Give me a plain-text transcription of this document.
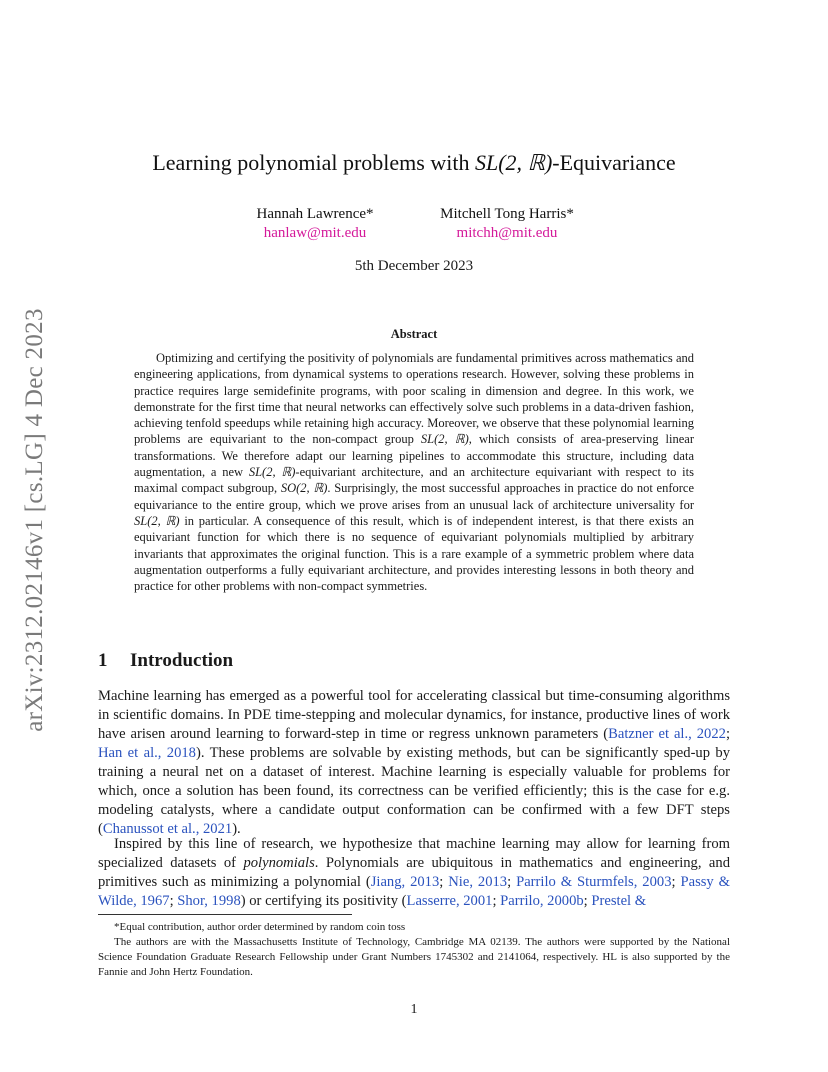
arXiv:2312.02146v1 [cs.LG] 4 Dec 2023
Learning polynomial problems with SL(2, ℝ)-Equivariance
Hannah Lawrence*
hanlaw@mit.edu
Mitchell Tong Harris*
mitchh@mit.edu
5th December 2023
Abstract
Optimizing and certifying the positivity of polynomials are fundamental primitives across mathematics and engineering applications, from dynamical systems to operations research. However, solving these problems in practice requires large semidefinite programs, with poor scaling in dimension and degree. In this work, we demonstrate for the first time that neural networks can effectively solve such problems in a data-driven fashion, achieving tenfold speedups while retaining high accuracy. Moreover, we observe that these polynomial learning problems are equivariant to the non-compact group SL(2, ℝ), which consists of area-preserving linear transformations. We therefore adapt our learning pipelines to accommodate this structure, including data augmentation, a new SL(2, ℝ)-equivariant architecture, and an architecture equivariant with respect to its maximal compact subgroup, SO(2, ℝ). Surprisingly, the most successful approaches in practice do not enforce equivariance to the entire group, which we prove arises from an unusual lack of architecture universality for SL(2, ℝ) in particular. A consequence of this result, which is of independent interest, is that there exists an equivariant function for which there is no sequence of equivariant polynomials multiplied by arbitrary invariants that approximates the original function. This is a rare example of a symmetric problem where data augmentation outperforms a fully equivariant architecture, and provides interesting lessons in both theory and practice for other problems with non-compact symmetries.
1 Introduction
Machine learning has emerged as a powerful tool for accelerating classical but time-consuming algorithms in scientific domains. In PDE time-stepping and molecular dynamics, for instance, productive lines of work have arisen around learning to forward-step in time or regress unknown parameters (Batzner et al., 2022; Han et al., 2018). These problems are solvable by existing methods, but can be significantly sped-up by training a neural net on a dataset of interest. Machine learning is especially valuable for problems for which, once a solution has been found, its correctness can be verified efficiently; this is the case for e.g. modeling catalysts, where a candidate output conformation can be confirmed with a few DFT steps (Chanussot et al., 2021).
Inspired by this line of research, we hypothesize that machine learning may allow for learning from specialized datasets of polynomials. Polynomials are ubiquitous in mathematics and engineering, and primitives such as minimizing a polynomial (Jiang, 2013; Nie, 2013; Parrilo & Sturmfels, 2003; Passy & Wilde, 1967; Shor, 1998) or certifying its positivity (Lasserre, 2001; Parrilo, 2000b; Prestel &

*Equal contribution, author order determined by random coin toss

The authors are with the Massachusetts Institute of Technology, Cambridge MA 02139. The authors were supported by the National Science Foundation Graduate Research Fellowship under Grant Numbers 1745302 and 2141064, respectively. HL is also supported by the Fannie and John Hertz Foundation.

1
